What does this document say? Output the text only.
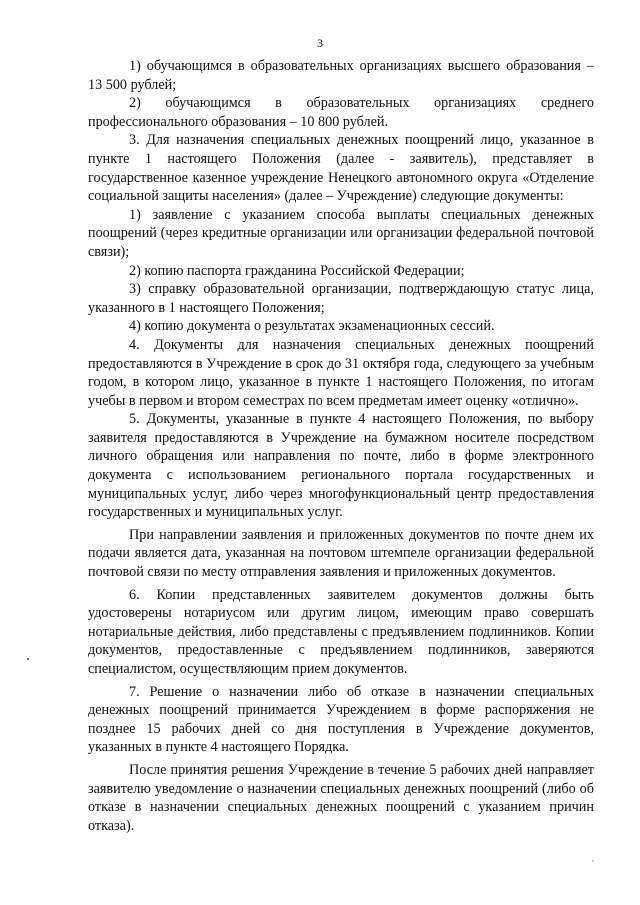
3

1) обучающимся в образовательных организациях высшего образования – 13 500 рублей;

2) обучающимся в образовательных организациях среднего профессионального образования – 10 800 рублей.

3. Для назначения специальных денежных поощрений лицо, указанное в пункте 1 настоящего Положения (далее - заявитель), представляет в государственное казенное учреждение Ненецкого автономного округа «Отделение социальной защиты населения» (далее – Учреждение) следующие документы:

1) заявление с указанием способа выплаты специальных денежных поощрений (через кредитные организации или организации федеральной почтовой связи);

2) копию паспорта гражданина Российской Федерации;

3) справку образовательной организации, подтверждающую статус лица, указанного в 1 настоящего Положения;

4) копию документа о результатах экзаменационных сессий.

4. Документы для назначения специальных денежных поощрений предоставляются в Учреждение в срок до 31 октября года, следующего за учебным годом, в котором лицо, указанное в пункте 1 настоящего Положения, по итогам учебы в первом и втором семестрах по всем предметам имеет оценку «отлично».

5. Документы, указанные в пункте 4 настоящего Положения, по выбору заявителя предоставляются в Учреждение на бумажном носителе посредством личного обращения или направления по почте, либо в форме электронного документа с использованием регионального портала государственных и муниципальных услуг, либо через многофункциональный центр предоставления государственных и муниципальных услуг.

При направлении заявления и приложенных документов по почте днем их подачи является дата, указанная на почтовом штемпеле организации федеральной почтовой связи по месту отправления заявления и приложенных документов.

6. Копии представленных заявителем документов должны быть удостоверены нотариусом или другим лицом, имеющим право совершать нотариальные действия, либо представлены с предъявлением подлинников. Копии документов, предоставленные с предъявлением подлинников, заверяются специалистом, осуществляющим прием документов.

7. Решение о назначении либо об отказе в назначении специальных денежных поощрений принимается Учреждением в форме распоряжения не позднее 15 рабочих дней со дня поступления в Учреждение документов, указанных в пункте 4 настоящего Порядка.

После принятия решения Учреждение в течение 5 рабочих дней направляет заявителю уведомление о назначении специальных денежных поощрений (либо об отказе в назначении специальных денежных поощрений с указанием причин отказа).
